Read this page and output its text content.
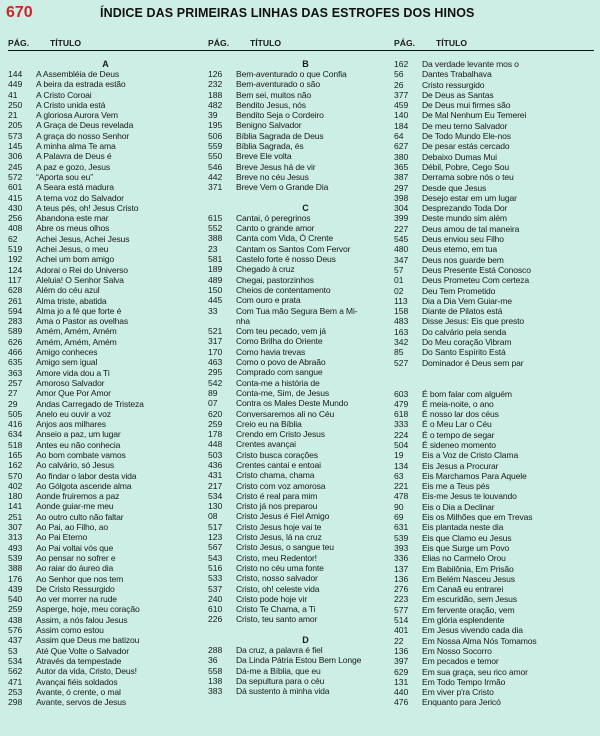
670	ÍNDICE DAS PRIMEIRAS LINHAS DAS ESTROFES DOS HINOS
PÁG.	TÍTULO
A
144	A Assembléia de Deus
449	A beira da estrada estão
41	A Cristo Coroai
250	A Cristo unida está
21	A gloriosa Aurora Vem
205	A Graça de Deus revelada
573	A graça do nosso Senhor
145	A minha alma Te ama
306	A Palavra de Deus é
245	A paz e gozo, Jesus
572	“Aporta sou eu”
601	A Seara está madura
415	A terna voz do Salvador
430	A teus pés, oh! Jesus Cristo
256	Abandona este mar
408	Abre os meus olhos
62	Achei Jesus, Achei Jesus
519	Achei Jesus, o meu
192	Achei um bom amigo
124	Adorai o Rei do Universo
117	Aleluia! O Senhor Salva
628	Além do céu azul
261	Alma triste, abatida
594	Alma jo a fé que forte é
283	Ama o Pastor as ovelhas
589	Amém, Amém, Amém
626	Amém, Amém, Amém
466	Amigo conheces
635	Amigo sem igual
363	Amore vida dou a Ti
257	Amoroso Salvador
27	Amor Que Por Amor
29	Andas Carregado de Tristeza
505	Anelo eu ouvir a voz
416	Anjos aos milhares
634	Anseio a paz, um lugar
518	Antes eu não conhecia
165	Ao bom combate vamos
162	Ao calvário, só Jesus
570	Ao findar o labor desta vida
402	Ao Gólgota ascende alma
180	Aonde fruiremos a paz
141	Aonde guiar-me meu
251	Ao outro culto não faltar
307	Ao Pai, ao Filho, ao
313	Ao Pai Eterno
493	Ao Pai voltai vós que
539	Ao pensar no sofrer e
388	Ao raiar do áureo dia
176	Ao Senhor que nos tem
439	De Cristo Ressurgido
540	Ao ver morrer na rude
259	Asperge, hoje, meu coração
438	Assim, a nós falou Jesus
576	Assim como estou
437	Assim que Deus me batizou
53	Até Que Volte o Salvador
534	Através da tempestade
562	Autor da vida, Cristo, Deus!
471	Avançai fiéis soldados
253	Avante, ó crente, o mal
298	Avante, servos de Jesus
PÁG.	TÍTULO
B
126	Bem-aventurado o que Confia
232	Bem-aventurado o são
188	Bem sei, muitos não
482	Bendito Jesus, nós
39	Bendito Seja o Cordeiro
195	Benigno Salvador
506	Bíblia Sagrada de Deus
559	Bíblia Sagrada, és
550	Breve Ele volta
546	Breve Jesus há de vir
442	Breve no céu Jesus
371	Breve Vem o Grande Dia
C
615	Cantai, ó peregrinos
552	Canto o grande amor
388	Canta com Vida, Ó Crente
23	Cantam os Santos Com Fervor
581	Castelo forte é nosso Deus
189	Chegado à cruz
489	Chegai, pastorzinhos
150	Cheios de contentamento
445	Com ouro e prata
33	Com Tua mão Segura Bem a Mi-
nha
521	Com teu pecado, vem já
317	Como Brilha do Oriente
170	Como havia trevas
463	Como o povo de Abraão
295	Comprado com sangue
542	Conta-me a história de
89	Conta-me, Sim, de Jesus
07	Contra os Males Deste Mundo
620	Conversaremos ali no Céu
259	Creio eu na Bíblia
178	Crendo em Cristo Jesus
448	Crentes avançai
503	Cristo busca corações
436	Crentes cantai e entoai
431	Cristo chama, chama
217	Cristo com voz amorosa
534	Cristo é real para mim
130	Cristo já nos preparou
08	Cristo Jesus é Fiel Amigo
517	Cristo Jesus hoje vai te
123	Cristo Jesus, lá na cruz
567	Cristo Jesus, o sangue teu
543	Cristo, meu Redentor!
516	Cristo no céu uma fonte
533	Cristo, nosso salvador
537	Cristo, oh! celeste vida
240	Cristo pode hoje vir
610	Cristo Te Chama, a Ti
226	Cristo, teu santo amor
D
288	Da cruz, a palavra é fiel
36	Da Linda Pátria Estou Bem Longe
558	Dá-me a Bíblia, que eu
138	Da sepultura para o céu
383	Dá sustento à minha vida
PÁG.	TÍTULO
162	Da verdade levante mos o
56	Dantes Trabalhava
26	Cristo ressurgido
377	De Deus as Santas
459	De Deus mui firmes são
140	De Mal Nenhum Eu Temerei
184	De meu terno Salvador
64	De Todo Mundo Ele-nos
627	De pesar estás cercado
380	Debaixo Dumas Mui
365	Débil, Pobre, Cego Sou
387	Derrama sobre nós o teu
297	Desde que Jesus
398	Desejo estar em um lugar
304	Desprezando Toda Dor
399	Deste mundo sim além
227	Deus amou de tal maneira
545	Deus enviou seu Filho
480	Deus eterno, em tua
347	Deus nos guarde bem
57	Deus Presente Está Conosco
01	Deus Prometeu Com certeza
02	Deu Tem Prometido
113	Dia a Dia Vem Guiar-me
158	Diante de Pilatos está
483	Disse Jesus: Eis que presto
163	Do calvário pela senda
342	Do Meu coração Vibram
85	Do Santo Espírito Está
527	Dominador é Deus sem par
603	É bom falar com alguém
479	É meia-noite, o ano
618	É nosso lar dos céus
333	É o Meu Lar o Céu
224	É o tempo de segar
504	É sideneo momento
19	Eis a Voz de Cristo Clama
134	Eis Jesus a Procurar
63	Eis Marchamos Para Aquele
221	Eis me a Teus pés
478	Eis-me Jesus te louvando
90	Eis o Dia a Declinar
69	Eis os Milhões que em Trevas
631	Eis plantada neste dia
539	Eis que Clamo eu Jesus
393	Eis que Surge um Povo
336	Elias no Carmelo Orou
137	Em Babilônia, Em Prisão
136	Em Belém Nasceu Jesus
276	Em Canaã eu entrarei
223	Em escuridão, sem Jesus
577	Em fervente oração, vem
514	Em glória esplendente
401	Em Jesus vivendo cada dia
22	Em Nossa Alma Nós Tomamos
136	Em Nosso Socorro
397	Em pecados e temor
629	Em sua graça, seu rico amor
131	Em Todo Tempo Irmão
440	Em viver p'ra Cristo
476	Enquanto para Jericó
